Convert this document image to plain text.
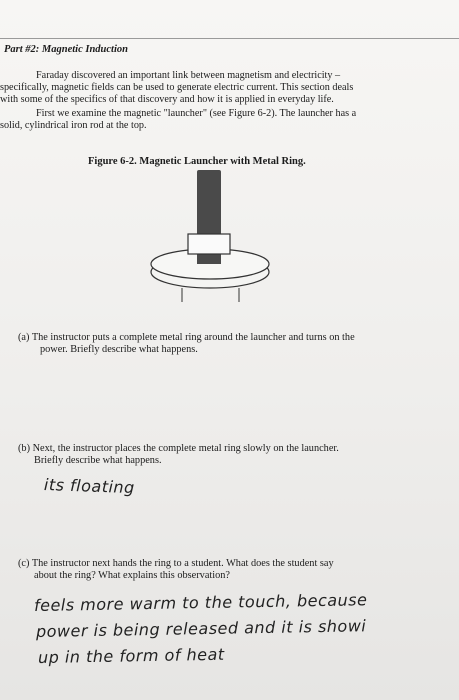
Part #2: Magnetic Induction
Faraday discovered an important link between magnetism and electricity –
specifically, magnetic fields can be used to generate electric current. This section deals
with some of the specifics of that discovery and how it is applied in everyday life.
First we examine the magnetic "launcher" (see Figure 6-2). The launcher has a
solid, cylindrical iron rod at the top.
Figure 6-2. Magnetic Launcher with Metal Ring.
(a) The instructor puts a complete metal ring around the launcher and turns on the
power. Briefly describe what happens.
(b) Next, the instructor places the complete metal ring slowly on the launcher.
Briefly describe what happens.
its floating
(c) The instructor next hands the ring to a student. What does the student say
about the ring? What explains this observation?
feels more warm to the touch, because
power is being released and it is showi
up in the form of heat
